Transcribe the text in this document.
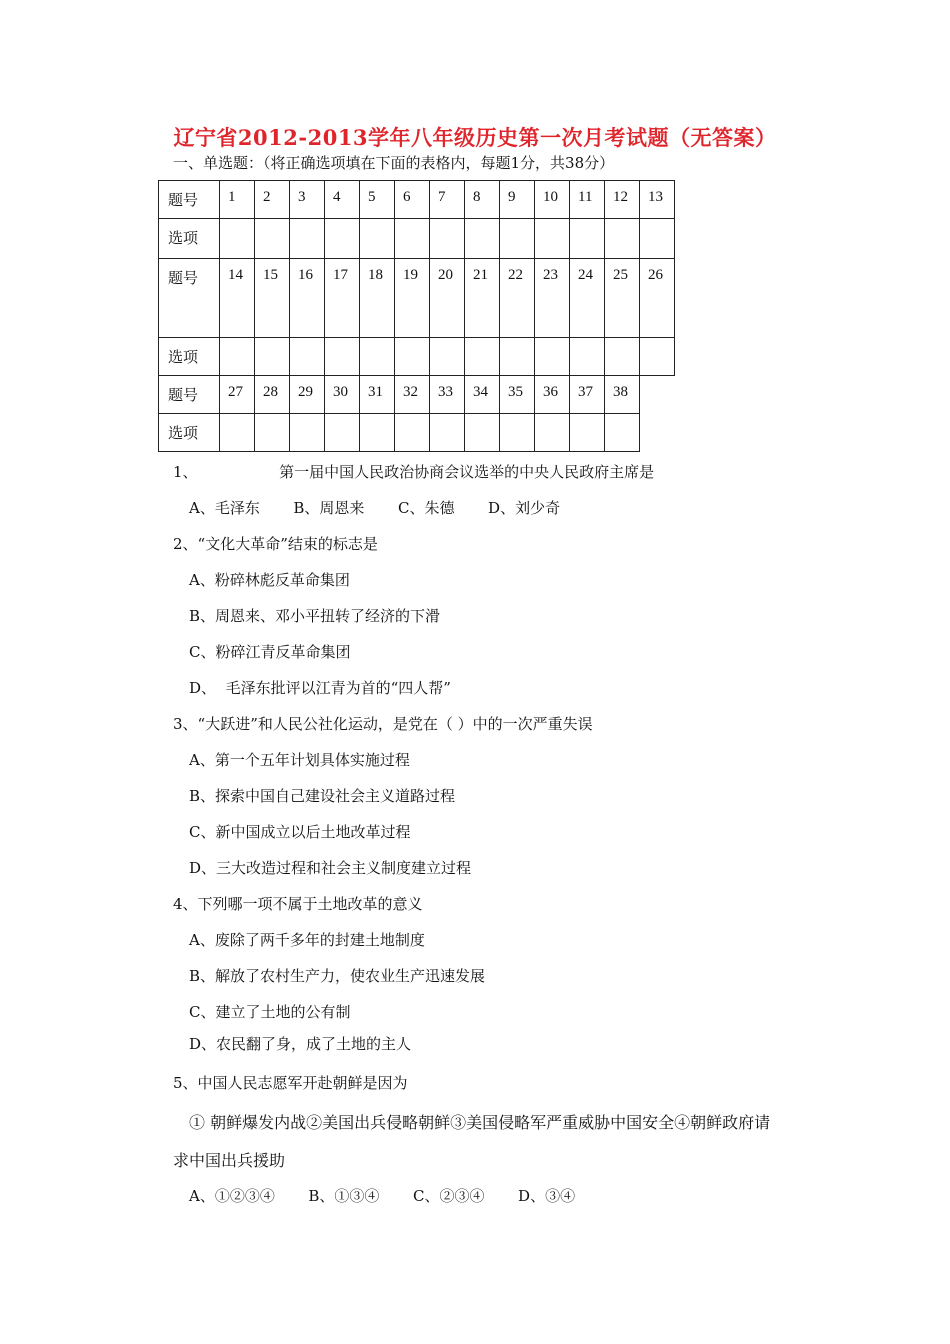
辽宁省2012-2013学年八年级历史第一次月考试题（无答案）
一、单选题：（将正确选项填在下面的表格内，每题1分，共38分）
题号	1	2	3	4	5	6	7	8	9	10	11	12	13
选项													
题号	14	15	16	17	18	19	20	21	22	23	24	25	26
选项													
题号	27	28	29	30	31	32	33	34	35	36	37	38	
选项													
1、	第一届中国人民政治协商会议选举的中央人民政府主席是
A、毛泽东 B、周恩来 C、朱德 D、刘少奇
2、“文化大革命”结束的标志是
A、粉碎林彪反革命集团
B、周恩来、邓小平扭转了经济的下滑
C、粉碎江青反革命集团
D、  毛泽东批评以江青为首的“四人帮”
3、“大跃进”和人民公社化运动，是党在（ ）中的一次严重失误
A、第一个五年计划具体实施过程
B、探索中国自己建设社会主义道路过程
C、新中国成立以后土地改革过程
D、三大改造过程和社会主义制度建立过程
4、下列哪一项不属于土地改革的意义
A、废除了两千多年的封建土地制度
B、解放了农村生产力，使农业生产迅速发展
C、建立了土地的公有制
D、农民翻了身，成了土地的主人
5、中国人民志愿军开赴朝鲜是因为
① 朝鲜爆发内战②美国出兵侵略朝鲜③美国侵略军严重威胁中国安全④朝鲜政府请
求中国出兵援助
A、①②③④ B、①③④ C、②③④ D、③④
